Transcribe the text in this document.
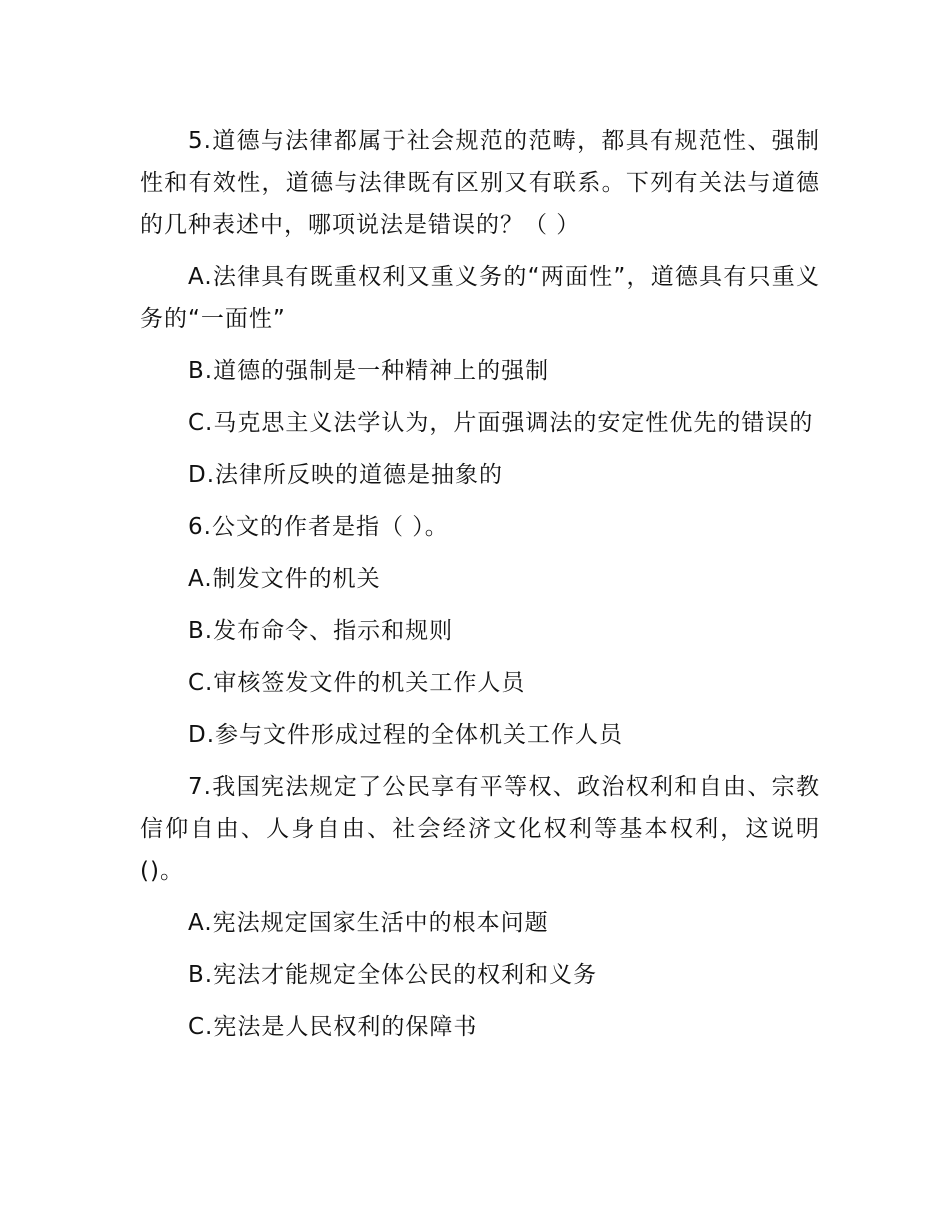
5.道德与法律都属于社会规范的范畴，都具有规范性、强制性和有效性，道德与法律既有区别又有联系。下列有关法与道德的几种表述中，哪项说法是错误的？（ ）

A.法律具有既重权利又重义务的“两面性”，道德具有只重义务的“一面性”

B.道德的强制是一种精神上的强制

C.马克思主义法学认为，片面强调法的安定性优先的错误的

D.法律所反映的道德是抽象的

6.公文的作者是指（ ）。

A.制发文件的机关

B.发布命令、指示和规则

C.审核签发文件的机关工作人员

D.参与文件形成过程的全体机关工作人员

7.我国宪法规定了公民享有平等权、政治权利和自由、宗教信仰自由、人身自由、社会经济文化权利等基本权利，这说明()。

A.宪法规定国家生活中的根本问题

B.宪法才能规定全体公民的权利和义务

C.宪法是人民权利的保障书
